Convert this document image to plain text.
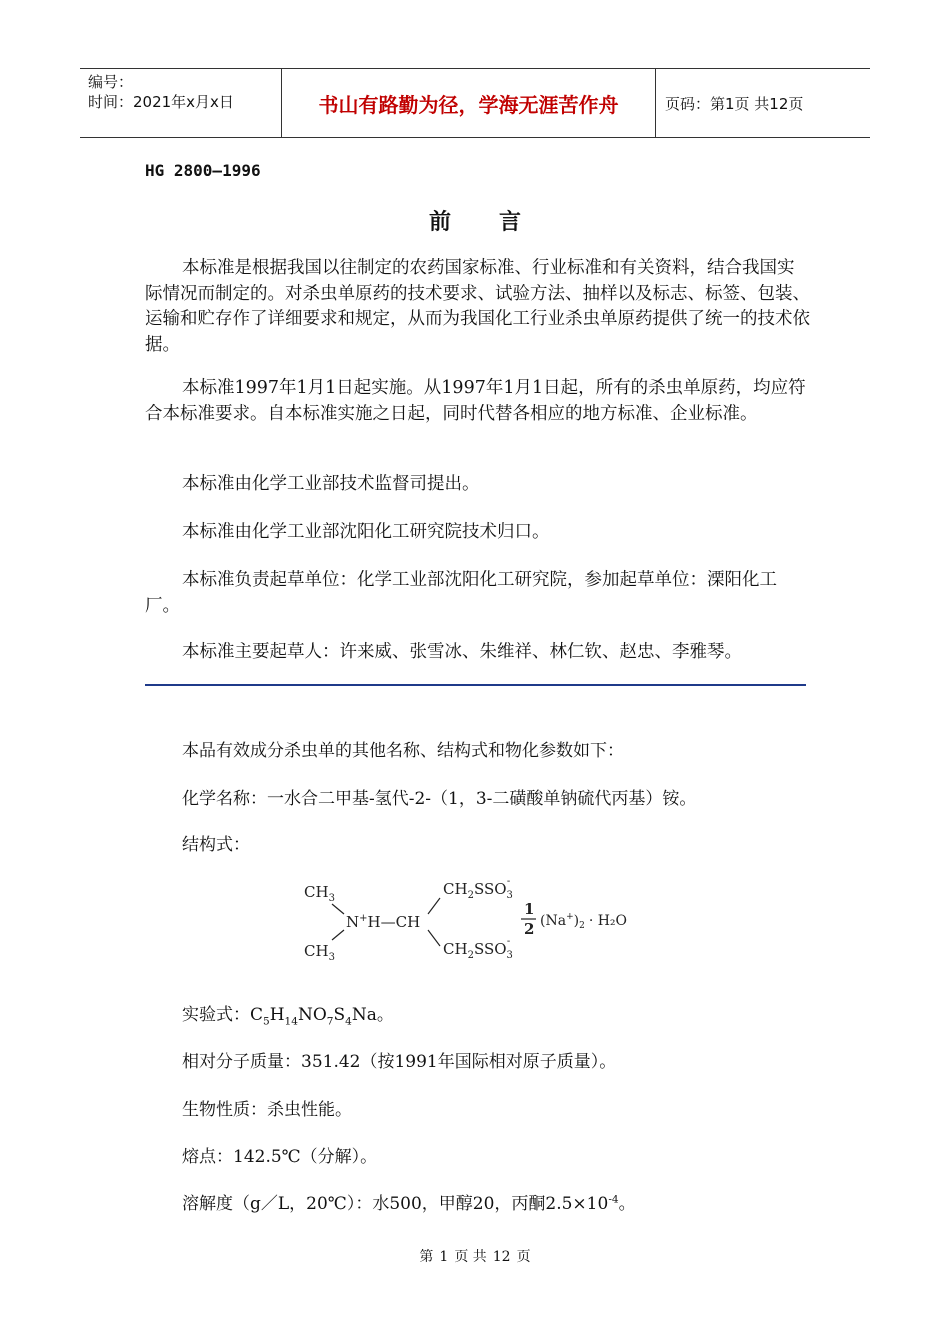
编号：
时间：2021年x月x日	书山有路勤为径，学海无涯苦作舟	页码：第1页 共12页
HG 2800—1996
前言

本标准是根据我国以往制定的农药国家标准、行业标准和有关资料，结合我国实际情况而制定的。对杀虫单原药的技术要求、试验方法、抽样以及标志、标签、包装、运输和贮存作了详细要求和规定，从而为我国化工行业杀虫单原药提供了统一的技术依据。

本标准1997年1月1日起实施。从1997年1月1日起，所有的杀虫单原药，均应符合本标准要求。自本标准实施之日起，同时代替各相应的地方标准、企业标准。

本标准由化学工业部技术监督司提出。

本标准由化学工业部沈阳化工研究院技术归口。

本标准负责起草单位：化学工业部沈阳化工研究院，参加起草单位：溧阳化工厂。

本标准主要起草人：许来威、张雪冰、朱维祥、林仁钦、赵忠、李雅琴。

本品有效成分杀虫单的其他名称、结构式和物化参数如下：
化学名称：一水合二甲基-氢代-2-（1，3-二磺酸单钠硫代丙基）铵。
结构式：
$CH_3$
$CH_3$
N+H—CH
$CH_2SSO_3-$
$CH_2SSO_3-$
1
2 $(Na^+)_2 \cdot H_2O$
实验式：$C_5H_{14}NO_7S_4Na$。
相对分子质量：351.42（按1991年国际相对原子质量）。
生物性质：杀虫性能。
熔点：142.5℃（分解）。
溶解度（g／L，20℃）：水500，甲醇20，丙酮$2.5\times 10^{-4}$。
第 1 页 共 12 页
